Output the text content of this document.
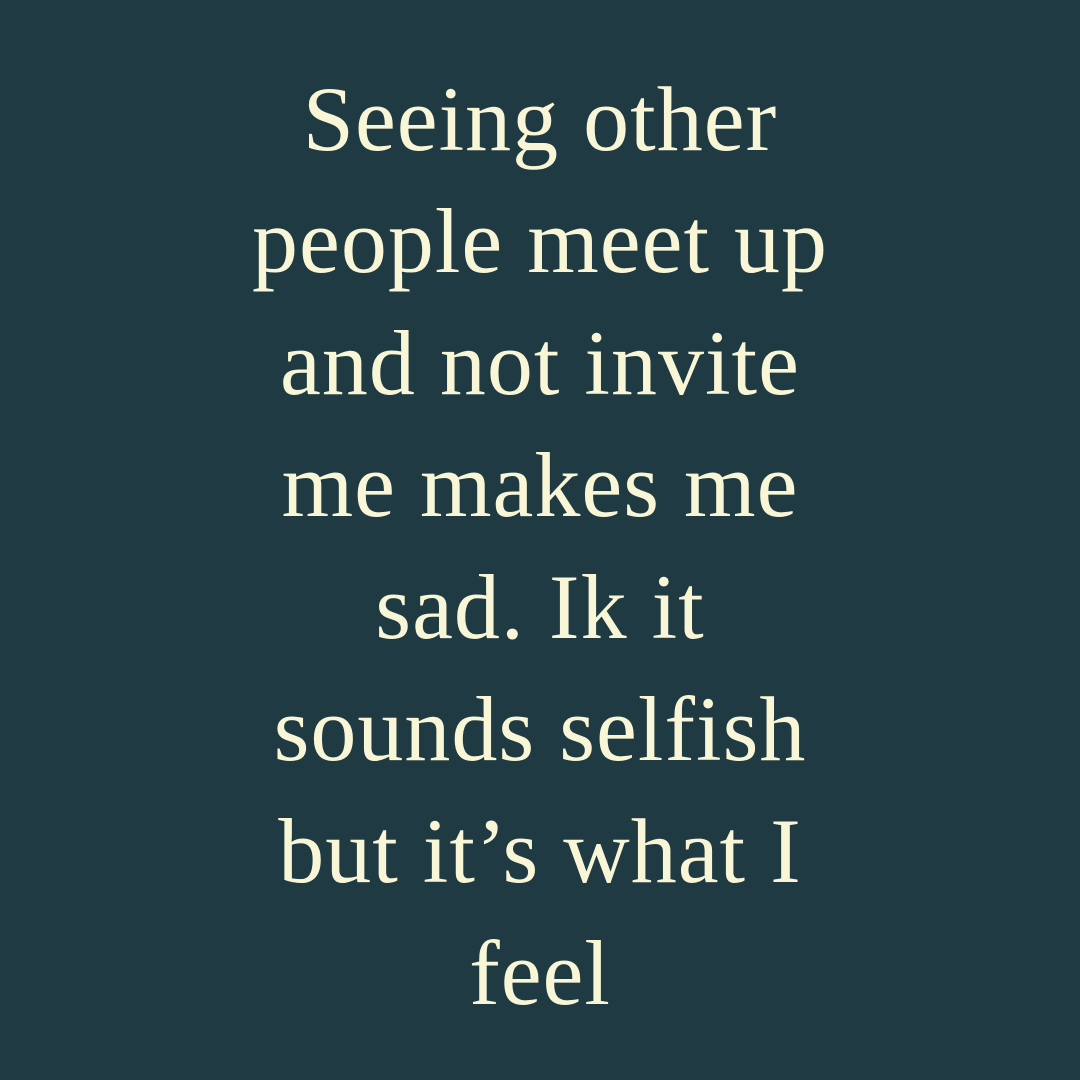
Seeing other
people meet up
and not invite
me makes me
sad. Ik it
sounds selfish
but it’s what I
feel
